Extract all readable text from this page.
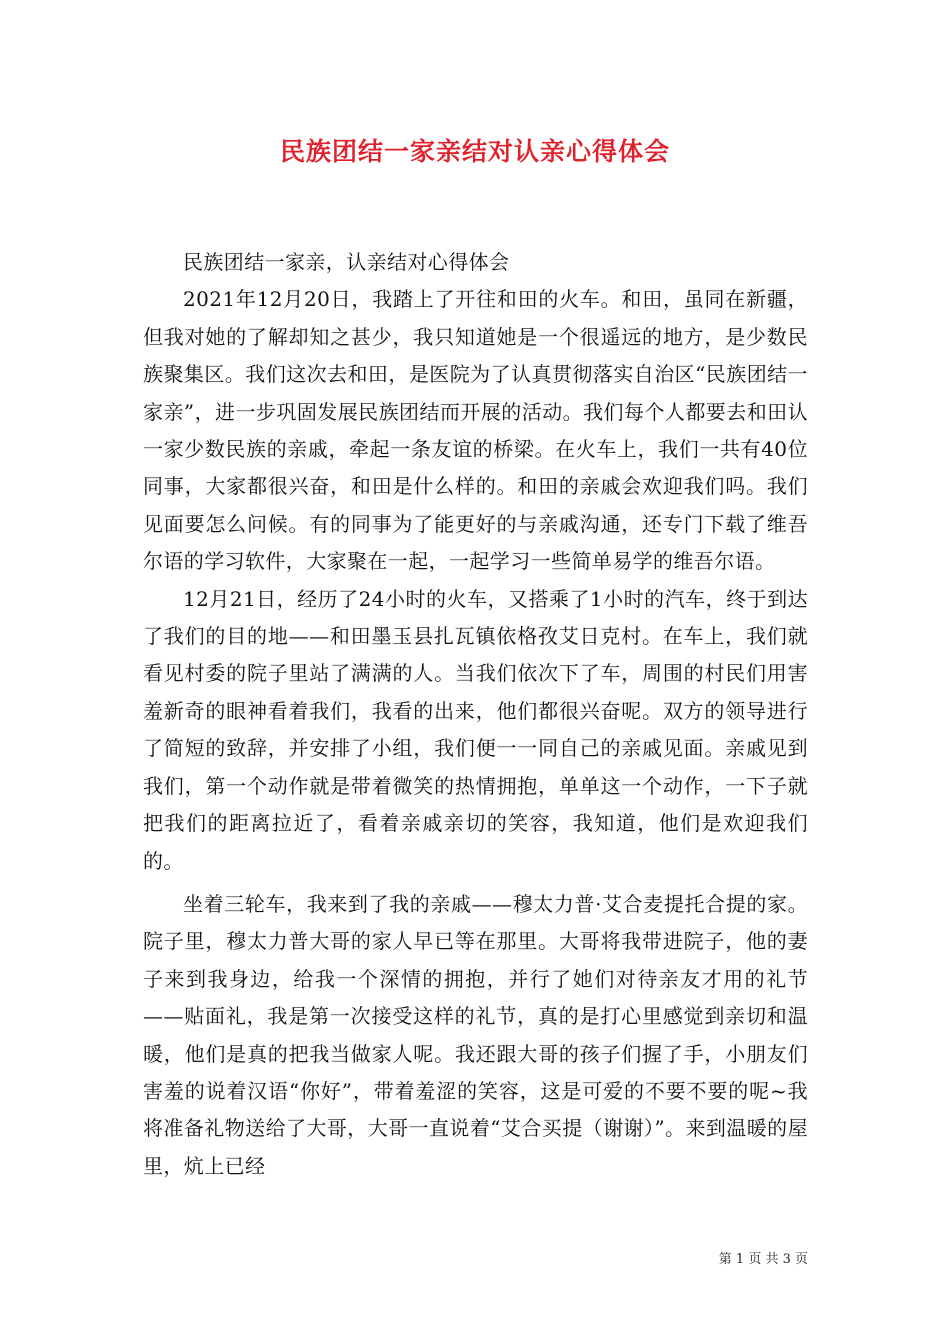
民族团结一家亲结对认亲心得体会

民族团结一家亲，认亲结对心得体会

2021年12月20日，我踏上了开往和田的火车。和田，虽同在新疆，但我对她的了解却知之甚少，我只知道她是一个很遥远的地方，是少数民族聚集区。我们这次去和田，是医院为了认真贯彻落实自治区“民族团结一家亲”，进一步巩固发展民族团结而开展的活动。我们每个人都要去和田认一家少数民族的亲戚，牵起一条友谊的桥梁。在火车上，我们一共有40位同事，大家都很兴奋，和田是什么样的。和田的亲戚会欢迎我们吗。我们见面要怎么问候。有的同事为了能更好的与亲戚沟通，还专门下载了维吾尔语的学习软件，大家聚在一起，一起学习一些简单易学的维吾尔语。

12月21日，经历了24小时的火车，又搭乘了1小时的汽车，终于到达了我们的目的地——和田墨玉县扎瓦镇依格孜艾日克村。在车上，我们就看见村委的院子里站了满满的人。当我们依次下了车，周围的村民们用害羞新奇的眼神看着我们，我看的出来，他们都很兴奋呢。双方的领导进行了简短的致辞，并安排了小组，我们便一一同自己的亲戚见面。亲戚见到我们，第一个动作就是带着微笑的热情拥抱，单单这一个动作，一下子就把我们的距离拉近了，看着亲戚亲切的笑容，我知道，他们是欢迎我们的。

坐着三轮车，我来到了我的亲戚——穆太力普·艾合麦提托合提的家。院子里，穆太力普大哥的家人早已等在那里。大哥将我带进院子，他的妻子来到我身边，给我一个深情的拥抱，并行了她们对待亲友才用的礼节——贴面礼，我是第一次接受这样的礼节，真的是打心里感觉到亲切和温暖，他们是真的把我当做家人呢。我还跟大哥的孩子们握了手，小朋友们害羞的说着汉语“你好”，带着羞涩的笑容，这是可爱的不要不要的呢~我将准备礼物送给了大哥，大哥一直说着“艾合买提（谢谢）”。来到温暖的屋里，炕上已经

第 1 页 共 3 页
